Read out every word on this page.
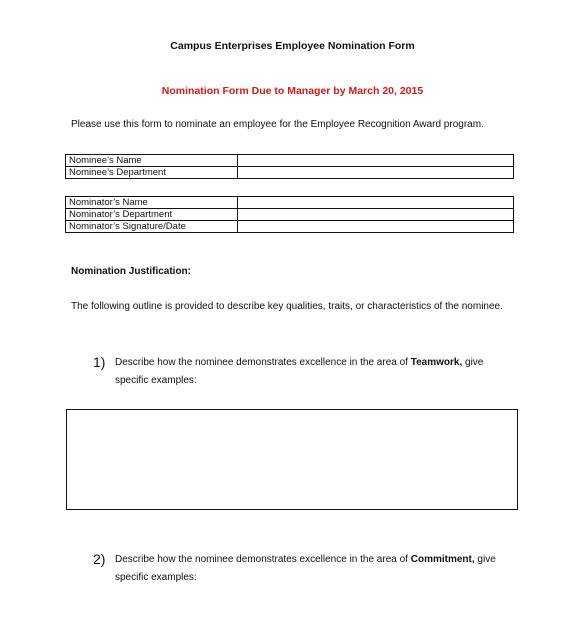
Campus Enterprises Employee Nomination Form
Nomination Form Due to Manager by March 20, 2015
Please use this form to nominate an employee for the Employee Recognition Award program.
Nominee’s Name	
Nominee’s Department	
Nominator’s Name	
Nominator’s Department	
Nominator’s Signature/Date	
Nomination Justification:
The following outline is provided to describe key qualities, traits, or characteristics of the nominee.
1) Describe how the nominee demonstrates excellence in the area of Teamwork, give
specific examples:
2) Describe how the nominee demonstrates excellence in the area of Commitment, give
specific examples:
